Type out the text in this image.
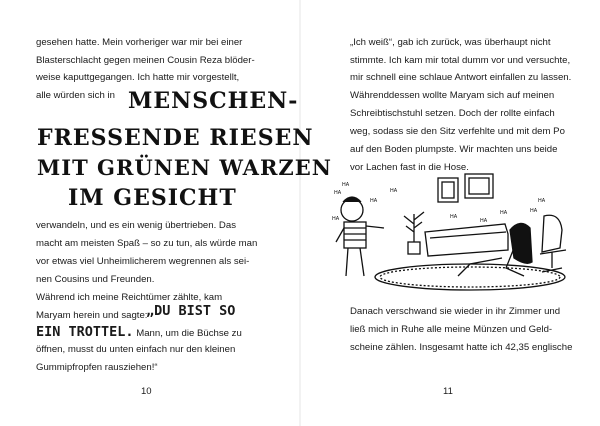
gesehen hatte. Mein vorheriger war mir bei einer
Blasterschlacht gegen meinen Cousin Reza blöder-
weise kaputtgegangen. Ich hatte mir vorgestellt,
alle würden sich in MENSCHEN-
FRESSENDE RIESEN
MIT GRÜNEN WARZEN
IM GESICHT
verwandeln, und es ein wenig übertrieben. Das
macht am meisten Spaß – so zu tun, als würde man
vor etwas viel Unheimlicherem wegrennen als sei-
nen Cousins und Freunden.
Während ich meine Reichtümer zählte, kam
Maryam herein und sagte:
„DU BIST SO
EIN TROTTEL. Mann, um die Büchse zu
öffnen, musst du unten einfach nur den kleinen
Gummipfropfen rausziehen!“
10
„Ich weiß“, gab ich zurück, was überhaupt nicht
stimmte. Ich kam mir total dumm vor und versuchte,
mir schnell eine schlaue Antwort einfallen zu lassen.
Währenddessen wollte Maryam sich auf meinen
Schreibtischstuhl setzen. Doch der rollte einfach
weg, sodass sie den Sitz verfehlte und mit dem Po
auf den Boden plumpste. Wir machten uns beide
vor Lachen fast in die Hose.
HA
HA
HA
HA
HA
HA
HA
HA
HA
HA
Danach verschwand sie wieder in ihr Zimmer und
ließ mich in Ruhe alle meine Münzen und Geld-
scheine zählen. Insgesamt hatte ich 42,35 englische
11
